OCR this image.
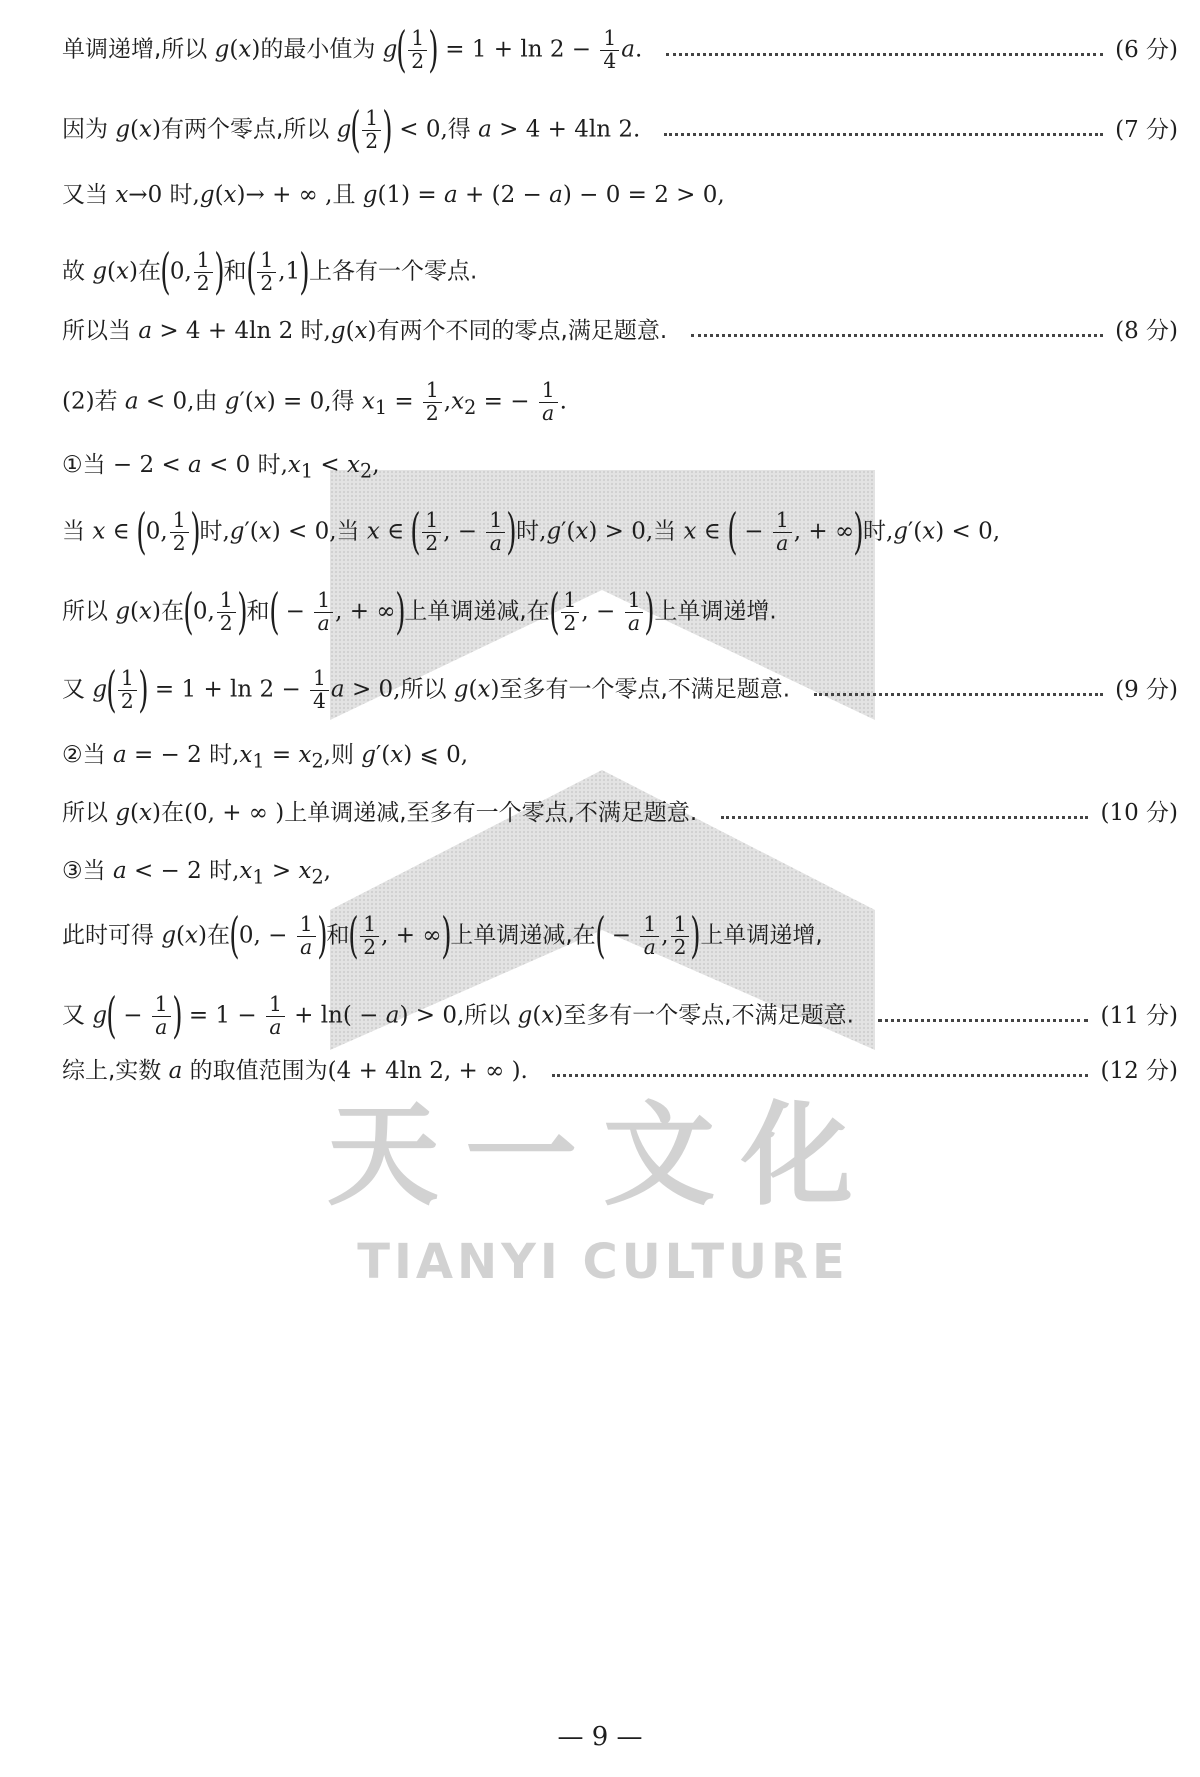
天一文化
TIANYI CULTURE
单调递增,所以 g(x)的最小值为 $g( \frac{1}{2}$ ) = $1 + \ln 2 - \frac{1}{4} a$.	(6 分)
因为 g(x)有两个零点,所以 $g( \frac{1}{2}$ ) < 0,得 a > 4 + 4ln 2.	(7 分)
又当 x→0 时,g(x)→ + ∞ ,且 g(1) = a + (2 − a) − 0 = 2 > 0,
故 g(x)在(0, $\frac{1}{2}$ )和( $\frac{1}{2} ,1$)上各有一个零点.
所以当 a > 4 + 4ln 2 时,g(x)有两个不同的零点,满足题意.	(8 分)
(2)若 a < 0,由 g′(x) = 0,得 $x_1 = \frac{1}{2} ,x_2$ = − $\frac{1}{a}$ .
①当 − 2 < a < 0 时$,x_1 < x_2$,
当 x ∈ (0, $\frac{1}{2}$ )时,g′(x) < 0,当 x ∈ ( $\frac{1}{2}$ , − $\frac{1}{a}$ )时,g′(x) > 0,当 x ∈ ( − $\frac{1}{a}$ , + ∞)时,g′(x) < 0,
所以 g(x)在(0, $\frac{1}{2}$ )和( − $\frac{1}{a}$ , + ∞)上单调递减,在( $\frac{1}{2}$ , − $\frac{1}{a}$ )上单调递增.
又 $g( \frac{1}{2}$ ) = $1 + \ln 2 - \frac{1}{4}$ a > 0,所以 g(x)至多有一个零点,不满足题意.	(9 分)
②当 a = − 2 时$,x_1 = x_2$,则 g′(x) ⩽ 0,
所以 g(x)在(0, + ∞ )上单调递减,至多有一个零点,不满足题意.	(10 分)
③当 a < − 2 时$,x_1 > x_2$,
此时可得 g(x)在(0, − $\frac{1}{a}$ )和( $\frac{1}{2}$ , + ∞)上单调递减,在( − $\frac{1}{a}$ , $\frac{1}{2}$ )上单调递增,
又 $g( - \frac{1}{a}$ ) = $1 - \frac{1}{a} + \ln( - a) > 0$,所以 g(x)至多有一个零点,不满足题意.	(11 分)
综上,实数 a 的取值范围为(4 + 4ln 2, + ∞ ).	(12 分)
— 9 —
